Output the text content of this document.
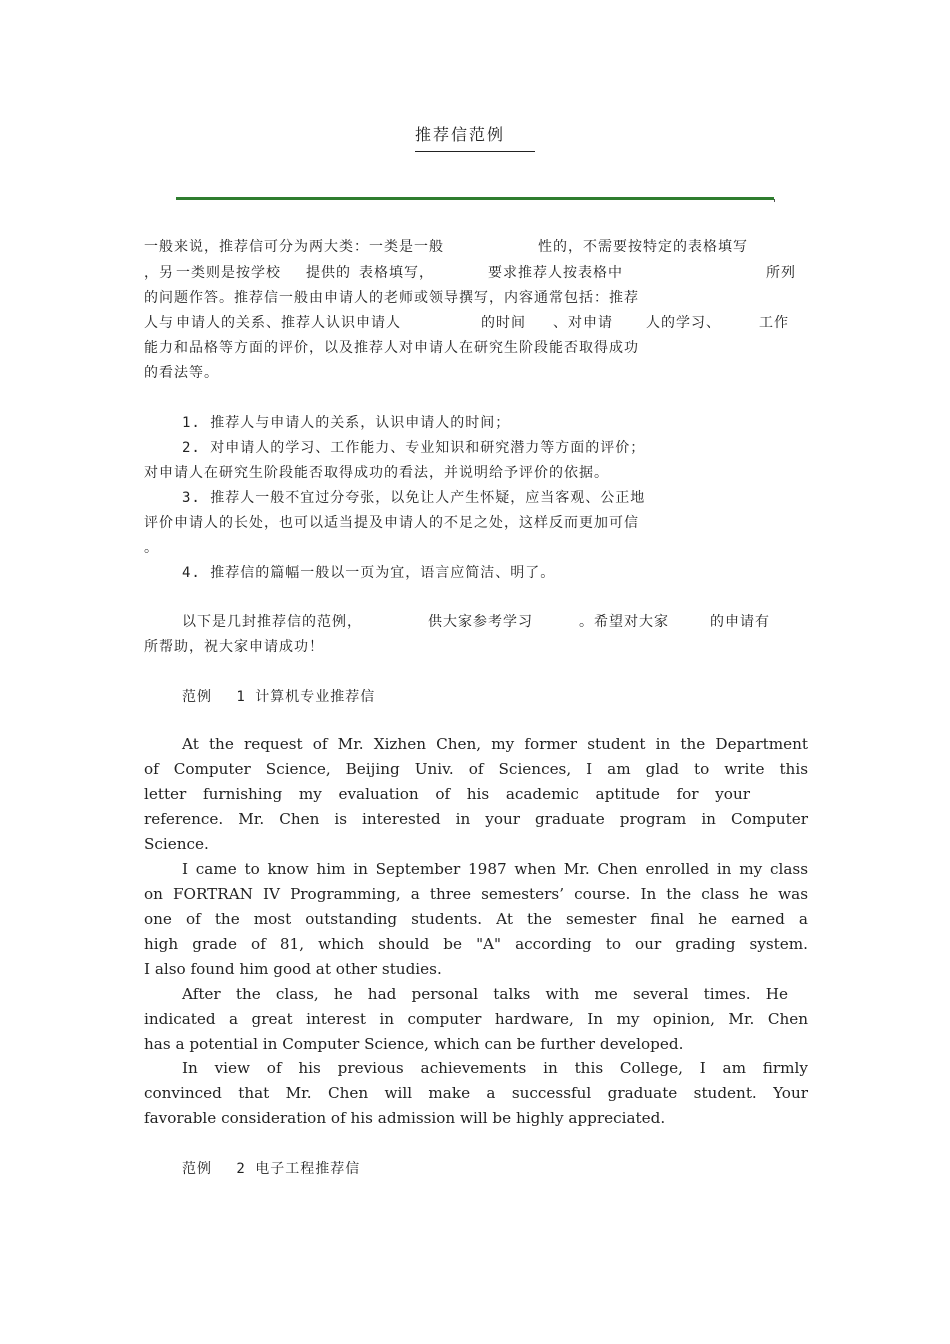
推荐信范例
一般来说，推荐信可分为两大类：一类是一般	性的，不需要按特定的表格填写
，另 一类则是按学校 提供的 表格填写，	要求推荐人按表格中	所列
的问题作答。推荐信一般由申请人的老师或领导撰写，内容通常包括：推荐
人与 申请人的关系、推荐人认识申请人	的时间 、对申请 人的学习、	工作
能力和品格等方面的评价，以及推荐人对申请人在研究生阶段能否取得成功
的看法等。
1. 推荐人与申请人的关系，认识申请人的时间；
2. 对申请人的学习、工作能力、专业知识和研究潜力等方面的评价；
对申请人在研究生阶段能否取得成功的看法，并说明给予评价的依据。
3. 推荐人一般不宜过分夸张，以免让人产生怀疑，应当客观、公正地
评价申请人的长处，也可以适当提及申请人的不足之处，这样反而更加可信
。
4. 推荐信的篇幅一般以一页为宜，语言应简洁、明了。
以下是几封推荐信的范例，	供大家参考学习	。希望对大家	的申请有
所帮助，祝大家申请成功！
范例　 1 计算机专业推荐信
At the request of Mr. Xizhen Chen, my former student in the Department
of Computer Science, Beijing Univ. of Sciences, I am glad to write this
letter furnishing my evaluation of his academic aptitude for your
reference. Mr. Chen is interested in your graduate program in Computer
Science.
I came to know him in September 1987 when Mr. Chen enrolled in my class
on FORTRAN IV Programming, a three semesters’ course. In the class he was
one of the most outstanding students. At the semester final he earned a
high grade of 81, which should be "A" according to our grading system.
I also found him good at other studies.
After the class, he had personal talks with me several times. He
indicated a great interest in computer hardware, In my opinion, Mr. Chen
has a potential in Computer Science, which can be further developed.
In view of his previous achievements in this College, I am firmly
convinced that Mr. Chen will make a successful graduate student. Your
favorable consideration of his admission will be highly appreciated.
范例　 2 电子工程推荐信
